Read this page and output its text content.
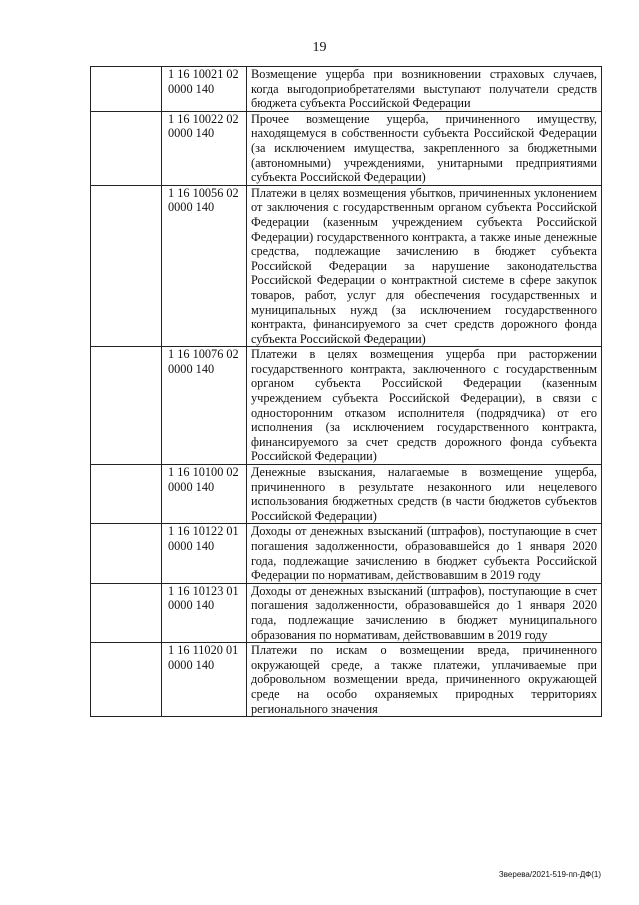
19

	1 16 10021 02
0000 140	Возмещение ущерба при возникновении страховых случаев, когда выгодоприобретателями выступают получатели средств бюджета субъекта Российской Федерации

	1 16 10022 02
0000 140	Прочее возмещение ущерба, причиненного имуществу, находящемуся в собственности субъекта Российской Федерации (за исключением имущества, закрепленного за бюджетными (автономными) учреждениями, унитарными предприятиями субъекта Российской Федерации)

	1 16 10056 02
0000 140	Платежи в целях возмещения убытков, причиненных уклонением от заключения с государственным органом субъекта Российской Федерации (казенным учреждением субъекта Российской Федерации) государственного контракта, а также иные денежные средства, подлежащие зачислению в бюджет субъекта Российской Федерации за нарушение законодательства Российской Федерации о контрактной системе в сфере закупок товаров, работ, услуг для обеспечения государственных и муниципальных нужд (за исключением государственного контракта, финансируемого за счет средств дорожного фонда субъекта Российской Федерации)

	1 16 10076 02
0000 140	Платежи в целях возмещения ущерба при расторжении государственного контракта, заключенного с государственным органом субъекта Российской Федерации (казенным учреждением субъекта Российской Федерации), в связи с односторонним отказом исполнителя (подрядчика) от его исполнения (за исключением государственного контракта, финансируемого за счет средств дорожного фонда субъекта Российской Федерации)

	1 16 10100 02
0000 140	Денежные взыскания, налагаемые в возмещение ущерба, причиненного в результате незаконного или нецелевого использования бюджетных средств (в части бюджетов субъектов Российской Федерации)

	1 16 10122 01
0000 140	Доходы от денежных взысканий (штрафов), поступающие в счет погашения задолженности, образовавшейся до 1 января 2020 года, подлежащие зачислению в бюджет субъекта Российской Федерации по нормативам, действовавшим в 2019 году

	1 16 10123 01
0000 140	Доходы от денежных взысканий (штрафов), поступающие в счет погашения задолженности, образовавшейся до 1 января 2020 года, подлежащие зачислению в бюджет муниципального образования по нормативам, действовавшим в 2019 году

	1 16 11020 01
0000 140	Платежи по искам о возмещении вреда, причиненного окружающей среде, а также платежи, уплачиваемые при добровольном возмещении вреда, причиненного окружающей среде на особо охраняемых природных территориях регионального значения
Зверева/2021-519-пп-ДФ(1)
